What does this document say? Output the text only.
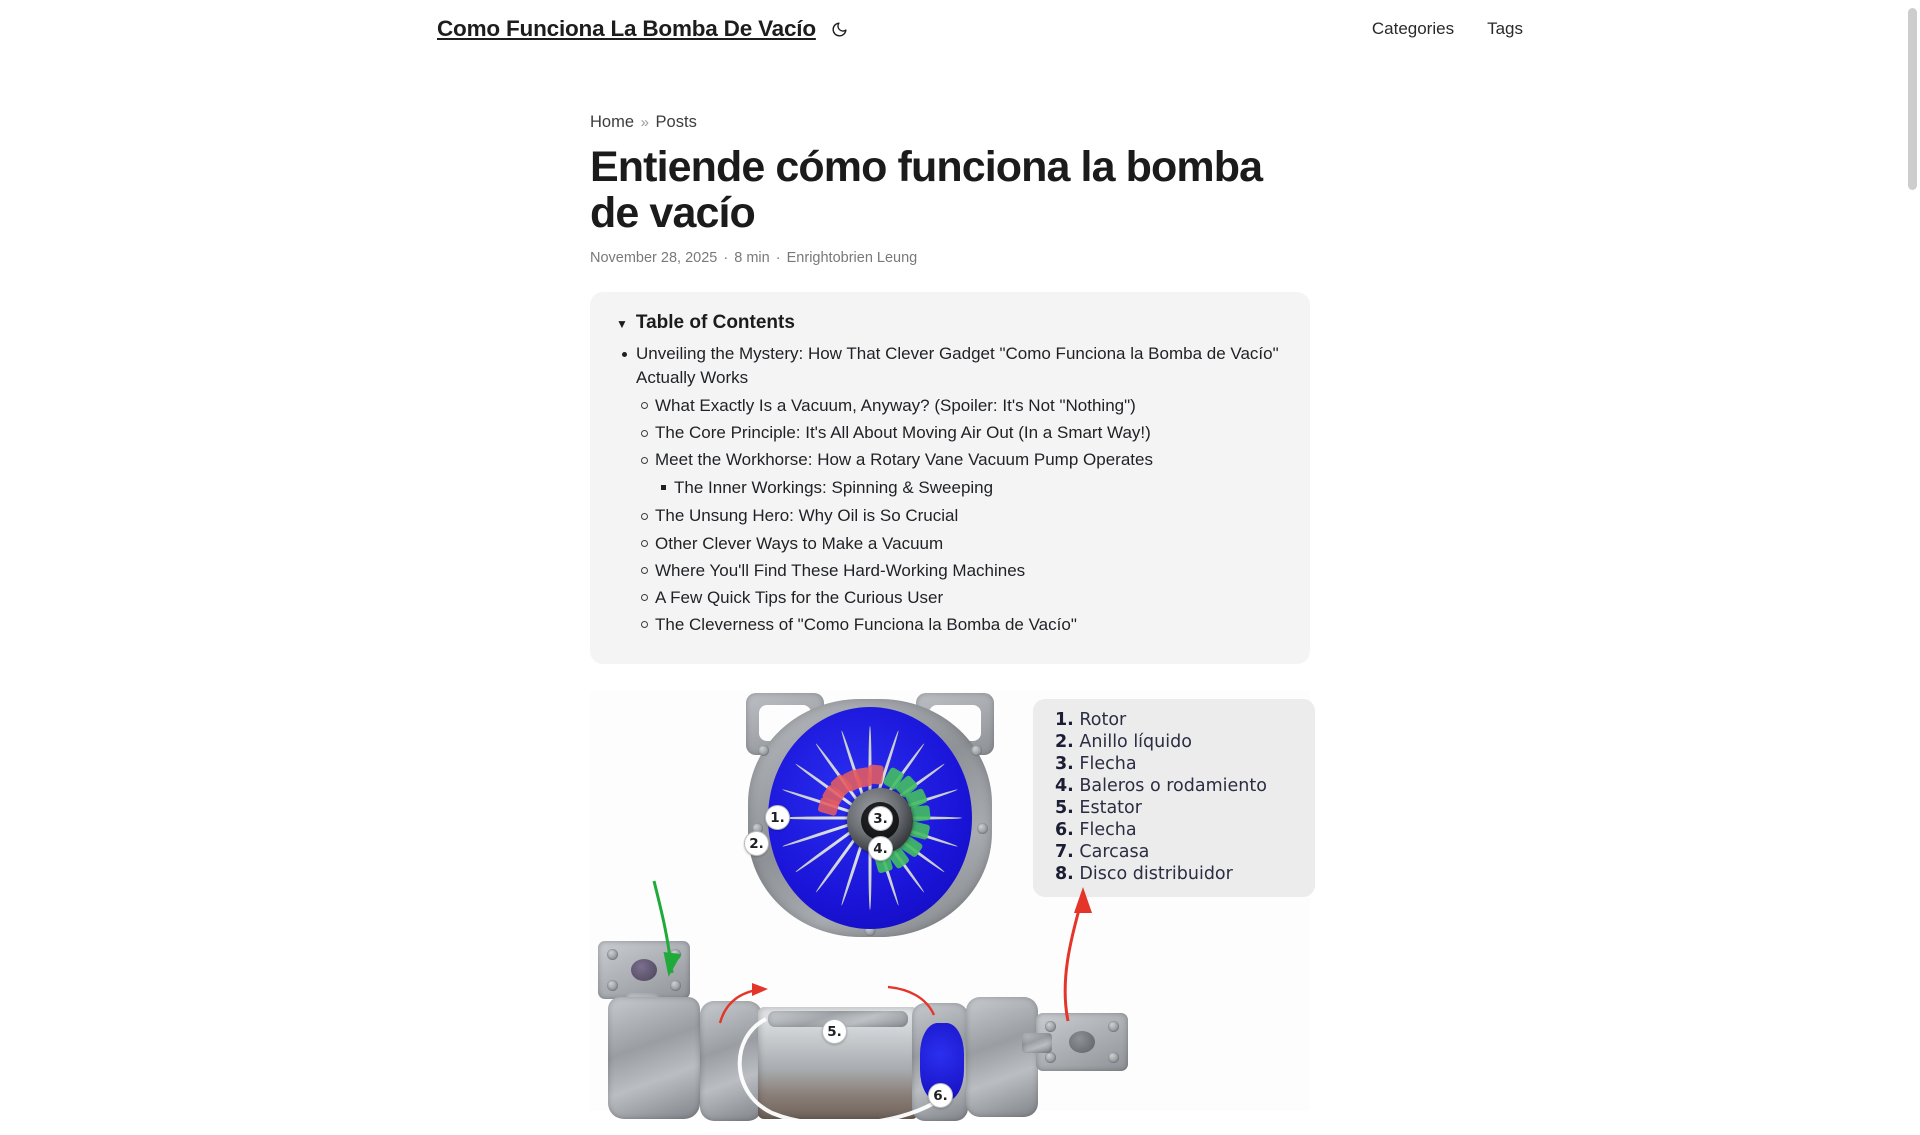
Como Funciona La Bomba De Vacío	Categories Tags
Home » Posts
Entiende cómo funciona la bomba de vacío
November 28, 2025 · 8 min · Enrightobrien Leung
▼ Table of Contents
Unveiling the Mystery: How That Clever Gadget "Como Funciona la Bomba de Vacío" Actually Works
What Exactly Is a Vacuum, Anyway? (Spoiler: It's Not "Nothing")
The Core Principle: It's All About Moving Air Out (In a Smart Way!)
Meet the Workhorse: How a Rotary Vane Vacuum Pump Operates
The Inner Workings: Spinning & Sweeping
The Unsung Hero: Why Oil is So Crucial
Other Clever Ways to Make a Vacuum
Where You'll Find These Hard-Working Machines
A Few Quick Tips for the Curious User
The Cleverness of "Como Funciona la Bomba de Vacío"
1.
2.
3.
4.
1. Rotor
2. Anillo líquido
3. Flecha
4. Baleros o rodamiento
5. Estator
6. Flecha
7. Carcasa
8. Disco distribuidor
5.
6.
